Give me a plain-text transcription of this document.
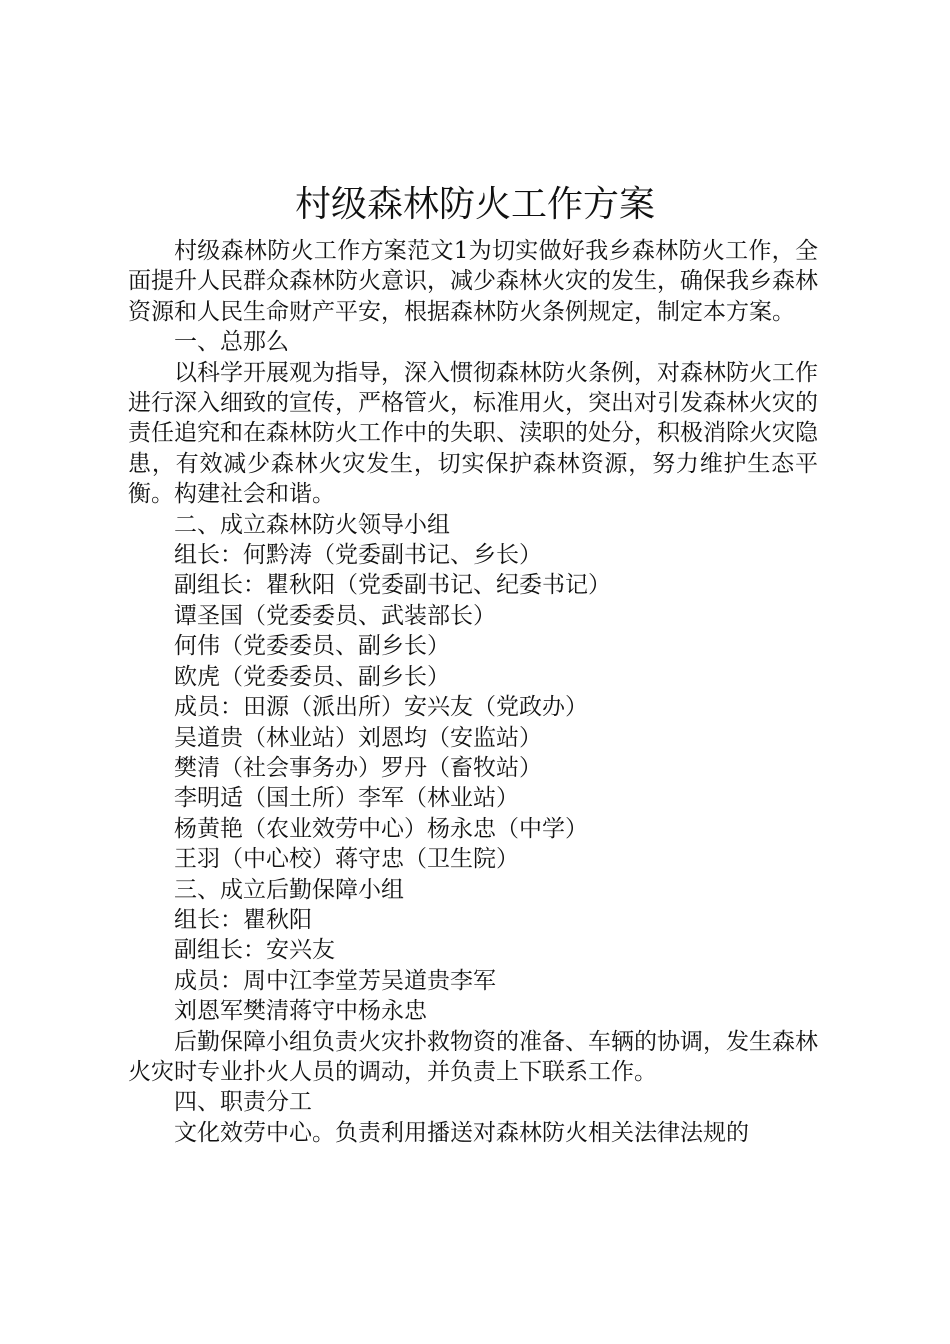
村级森林防火工作方案

村级森林防火工作方案范文1为切实做好我乡森林防火工作，全面提升人民群众森林防火意识，减少森林火灾的发生，确保我乡森林资源和人民生命财产平安，根据森林防火条例规定，制定本方案。

一、总那么

以科学开展观为指导，深入惯彻森林防火条例，对森林防火工作进行深入细致的宣传，严格管火，标准用火，突出对引发森林火灾的责任追究和在森林防火工作中的失职、渎职的处分，积极消除火灾隐患，有效减少森林火灾发生，切实保护森林资源，努力维护生态平衡。构建社会和谐。

二、成立森林防火领导小组

组长：何黔涛（党委副书记、乡长）

副组长：瞿秋阳（党委副书记、纪委书记）

谭圣国（党委委员、武装部长）

何伟（党委委员、副乡长）

欧虎（党委委员、副乡长）

成员：田源（派出所）安兴友（党政办）

吴道贵（林业站）刘恩均（安监站）

樊清（社会事务办）罗丹（畜牧站）

李明适（国土所）李军（林业站）

杨黄艳（农业效劳中心）杨永忠（中学）

王羽（中心校）蒋守忠（卫生院）

三、成立后勤保障小组

组长：瞿秋阳

副组长：安兴友

成员：周中江李堂芳吴道贵李军

刘恩军樊清蒋守中杨永忠

后勤保障小组负责火灾扑救物资的准备、车辆的协调，发生森林火灾时专业扑火人员的调动，并负责上下联系工作。

四、职责分工

文化效劳中心。负责利用播送对森林防火相关法律法规的
